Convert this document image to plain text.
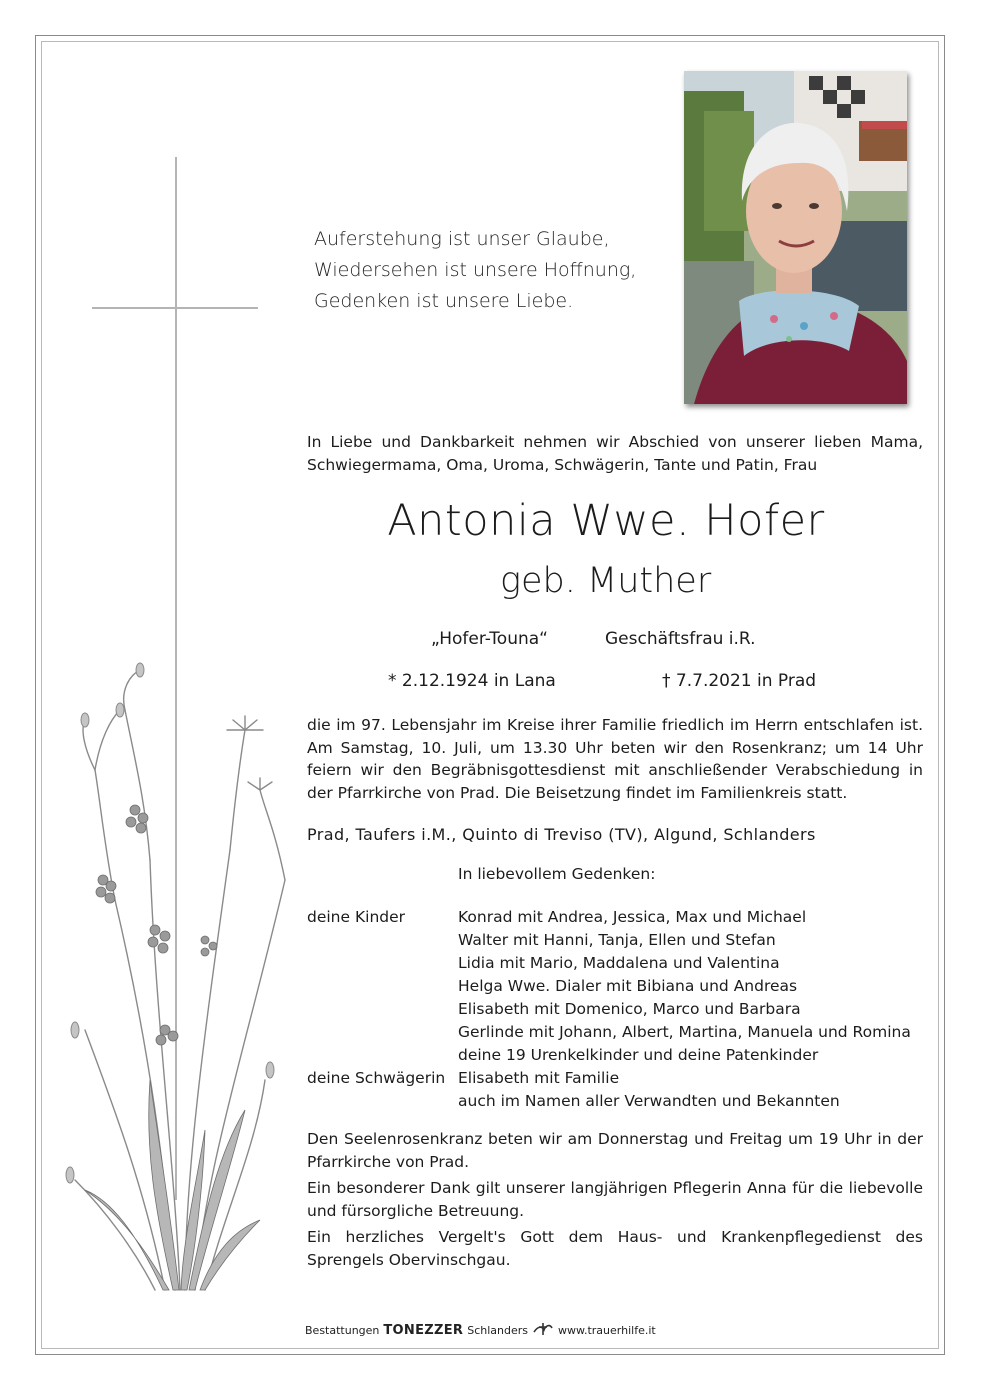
Auferstehung ist unser Glaube,
Wiedersehen ist unsere Hoffnung,
Gedenken ist unsere Liebe.
In Liebe und Dankbarkeit nehmen wir Abschied von unserer lieben Mama, Schwiegermama, Oma, Uroma, Schwägerin, Tante und Patin, Frau
Antonia Wwe. Hofer
geb. Muther
„Hofer-Touna“	Geschäftsfrau i.R.
* 2.12.1924 in Lana	† 7.7.2021 in Prad
die im 97. Lebensjahr im Kreise ihrer Familie friedlich im Herrn entschlafen ist. Am Samstag, 10. Juli, um 13.30 Uhr beten wir den Rosenkranz; um 14 Uhr feiern wir den Begräbnisgottesdienst mit anschließender Verabschiedung in der Pfarrkirche von Prad. Die Beisetzung findet im Familienkreis statt.
Prad, Taufers i.M., Quinto di Treviso (TV), Algund, Schlanders
In liebevollem Gedenken:
deine Kinder	Konrad mit Andrea, Jessica, Max und Michael
Walter mit Hanni, Tanja, Ellen und Stefan
Lidia mit Mario, Maddalena und Valentina
Helga Wwe. Dialer mit Bibiana und Andreas
Elisabeth mit Domenico, Marco und Barbara
Gerlinde mit Johann, Albert, Martina, Manuela und Romina
deine 19 Urenkelkinder und deine Patenkinder
deine Schwägerin Elisabeth mit Familie
auch im Namen aller Verwandten und Bekannten

Den Seelenrosenkranz beten wir am Donnerstag und Freitag um 19 Uhr in der Pfarrkirche von Prad.

Ein besonderer Dank gilt unserer langjährigen Pflegerin Anna für die liebevolle und fürsorgliche Betreuung.

Ein herzliches Vergelt's Gott dem Haus- und Krankenpflegedienst des Sprengels Obervinschgau.

Bestattungen TONEZZER Schlanders	www.trauerhilfe.it
